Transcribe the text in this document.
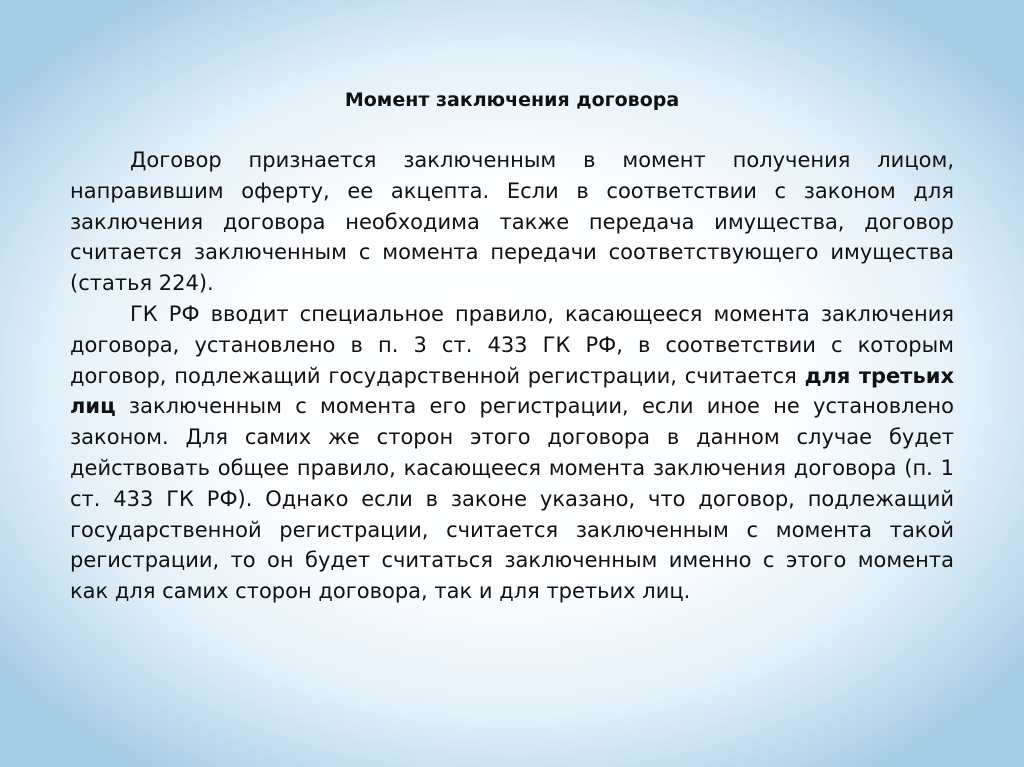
Момент заключения договора

Договор признается заключенным в момент получения лицом, направившим оферту, ее акцепта. Если в соответствии с законом для заключения договора необходима также передача имущества, договор считается заключенным с момента передачи соответствующего имущества (статья 224).

ГК РФ вводит специальное правило, касающееся момента заключения договора, установлено в п. 3 ст. 433 ГК РФ, в соответствии с которым договор, подлежащий государственной регистрации, считается для третьих лиц заключенным с момента его регистрации, если иное не установлено законом. Для самих же сторон этого договора в данном случае будет действовать общее правило, касающееся момента заключения договора (п. 1 ст. 433 ГК РФ). Однако если в законе указано, что договор, подлежащий государственной регистрации, считается заключенным с момента такой регистрации, то он будет считаться заключенным именно с этого момента как для самих сторон договора, так и для третьих лиц.
